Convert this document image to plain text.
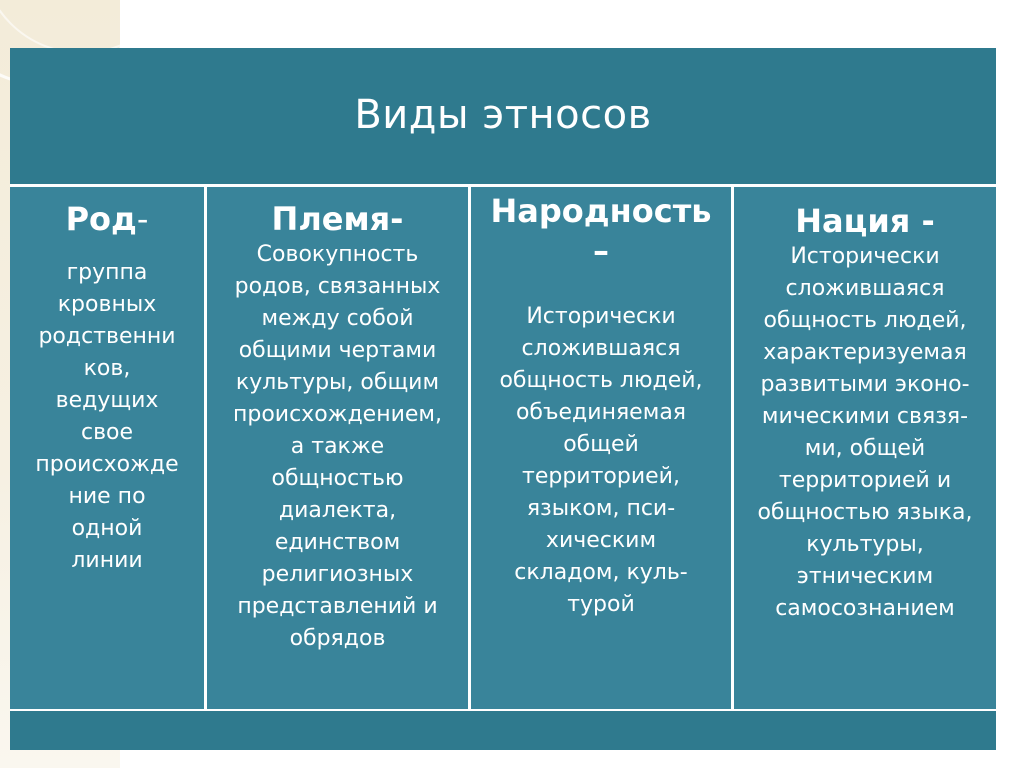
Виды этносов
Род-

группа
кровных
родственни
ков,
ведущих
свое
происхожде
ние по
одной
линии

Племя-

Совокупность
родов, связанных
между собой
общими чертами
культуры, общим
происхождением,
а также
общностью
диалекта,
единством
религиозных
представлений и
обрядов

Народность
–

Исторически
сложившаяся
общность людей,
объединяемая
общей
территорией,
языком, пси-
хическим
складом, куль-
турой

Нация -

Исторически
сложившаяся
общность людей,
характеризуемая
развитыми эконо-
мическими связя-
ми, общей
территорией и
общностью языка,
культуры,
этническим
самосознанием
